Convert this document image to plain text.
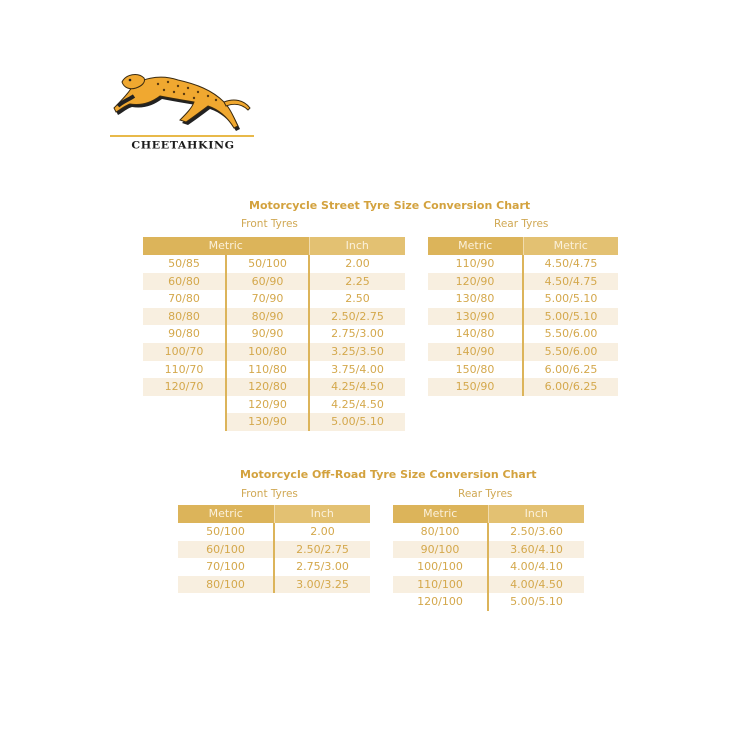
CHEETAHKING
Motorcycle Street Tyre Size Conversion Chart
Front Tyres	Rear Tyres
Metric		Inch
50/85	50/100	2.00
60/80	60/90	2.25
70/80	70/90	2.50
80/80	80/90	2.50/2.75
90/80	90/90	2.75/3.00
100/70	100/80	3.25/3.50
110/70	110/80	3.75/4.00
120/70	120/80	4.25/4.50
	120/90	4.25/4.50
	130/90	5.00/5.10
Metric	Metric
110/90	4.50/4.75
120/90	4.50/4.75
130/80	5.00/5.10
130/90	5.00/5.10
140/80	5.50/6.00
140/90	5.50/6.00
150/80	6.00/6.25
150/90	6.00/6.25
Motorcycle Off-Road Tyre Size Conversion Chart
Front Tyres	Rear Tyres
Metric	Inch
50/100	2.00
60/100	2.50/2.75
70/100	2.75/3.00
80/100	3.00/3.25
Metric	Inch
80/100	2.50/3.60
90/100	3.60/4.10
100/100	4.00/4.10
110/100	4.00/4.50
120/100	5.00/5.10
